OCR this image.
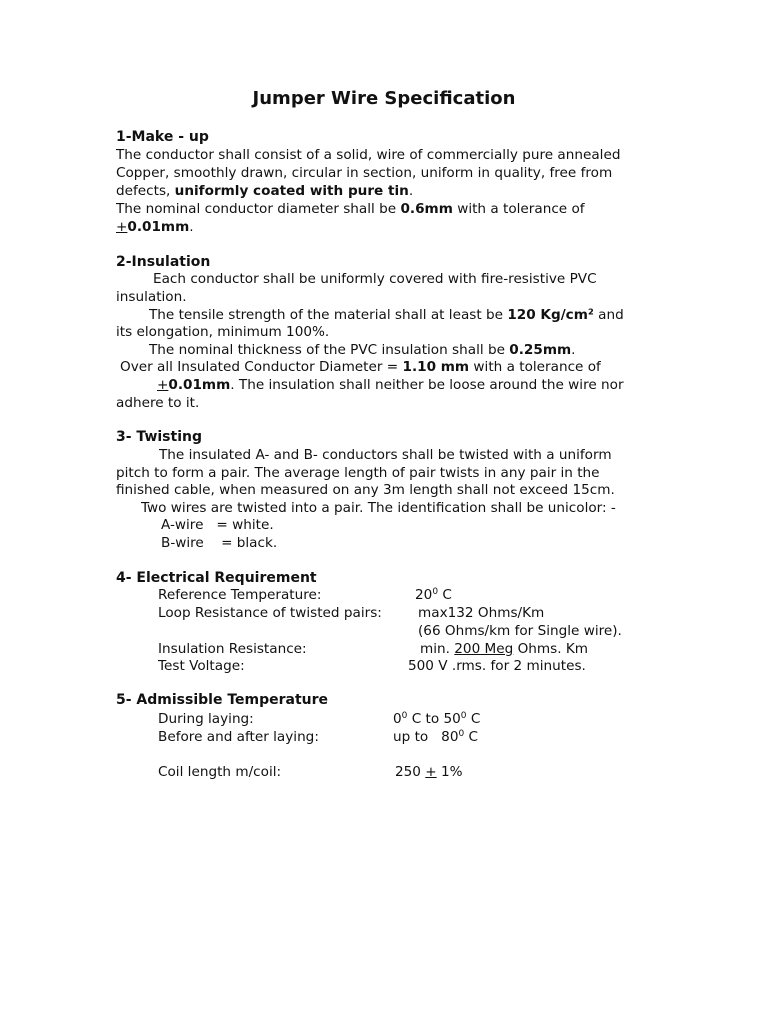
Jumper Wire Specification
1-Make - up
The conductor shall consist of a solid, wire of commercially pure annealed
Copper, smoothly drawn, circular in section, uniform in quality, free from
defects, uniformly coated with pure tin.
The nominal conductor diameter shall be 0.6mm with a tolerance of
+0.01mm.
2-Insulation
Each conductor shall be uniformly covered with fire-resistive PVC
insulation.
The tensile strength of the material shall at least be 120 Kg/cm² and
its elongation, minimum 100%.
The nominal thickness of the PVC insulation shall be 0.25mm.
Over all Insulated Conductor Diameter = 1.10 mm with a tolerance of
+0.01mm. The insulation shall neither be loose around the wire nor
adhere to it.
3- Twisting
The insulated A- and B- conductors shall be twisted with a uniform
pitch to form a pair. The average length of pair twists in any pair in the
finished cable, when measured on any 3m length shall not exceed 15cm.
Two wires are twisted into a pair. The identification shall be unicolor: -
A-wire   = white.
B-wire    = black.
4- Electrical Requirement
Reference Temperature:	$20^0$ C
Loop Resistance of twisted pairs:	max132 Ohms/Km
(66 Ohms/km for Single wire).
Insulation Resistance:	min. 200 Meg Ohms. Km
Test Voltage:	500 V .rms. for 2 minutes.
5- Admissible Temperature
During laying:	$0^0$ C to $50^0$ C
Before and after laying:	up to   $80^0$ C
Coil length m/coil:	250 + 1%
